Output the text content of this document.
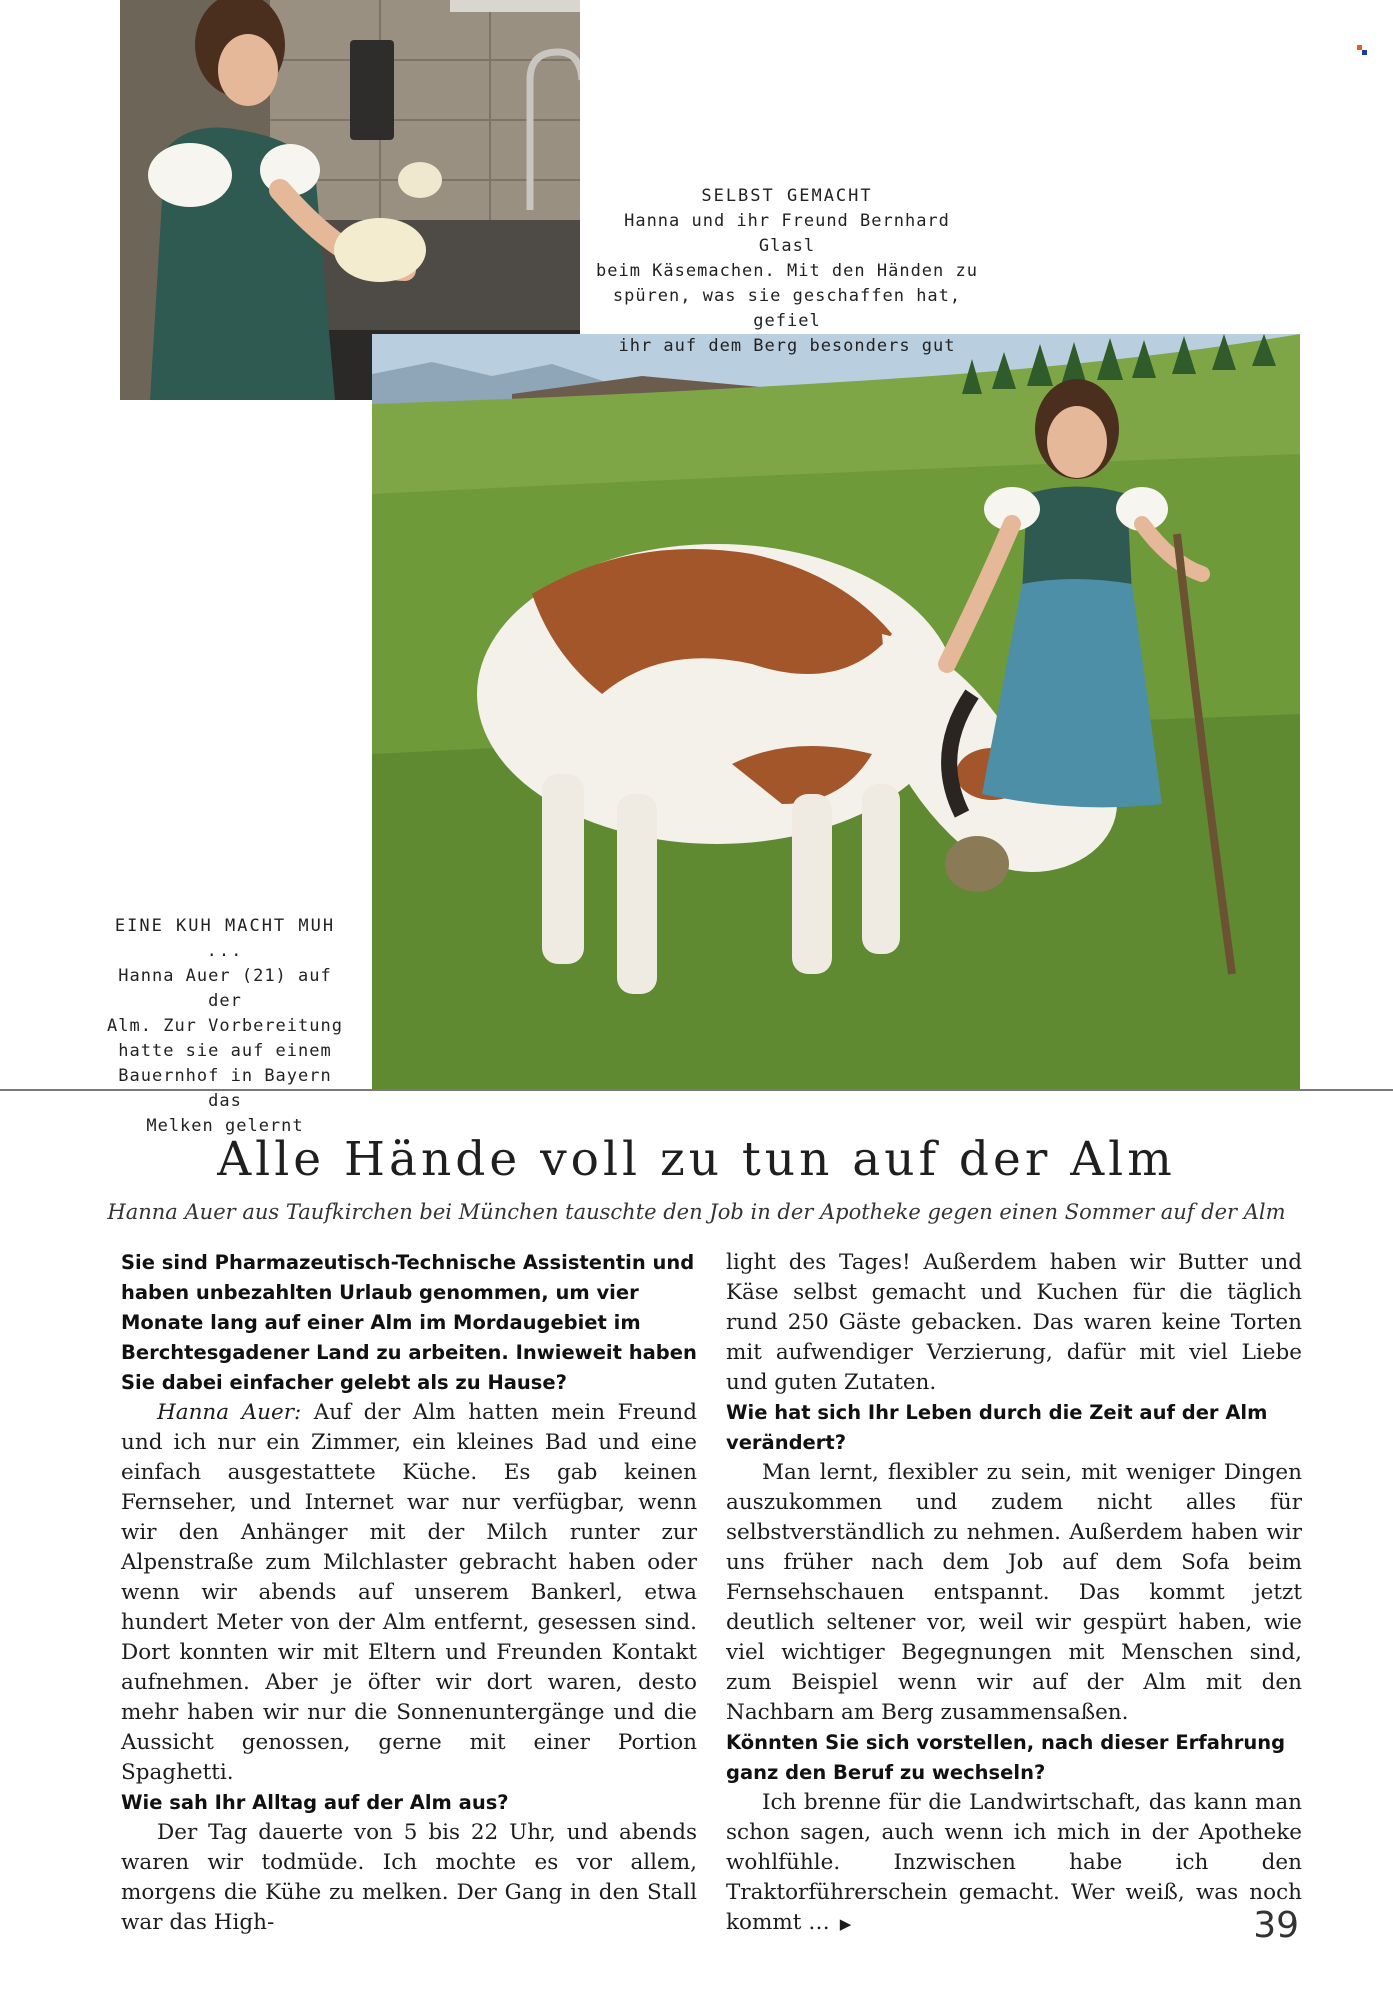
SELBST GEMACHT
Hanna und ihr Freund Bernhard Glasl
beim Käsemachen. Mit den Händen zu
spüren, was sie geschaffen hat, gefiel
ihr auf dem Berg besonders gut
EINE KUH MACHT MUH ...
Hanna Auer (21) auf der
Alm. Zur Vorbereitung
hatte sie auf einem
Bauernhof in Bayern das
Melken gelernt
Alle Hände voll zu tun auf der Alm
Hanna Auer aus Taufkirchen bei München tauschte den Job in der Apotheke gegen einen Sommer auf der Alm

Sie sind Pharmazeutisch-Technische Assistentin und haben unbezahlten Urlaub genommen, um vier Monate lang auf einer Alm im Mordaugebiet im Berchtesgadener Land zu arbeiten. Inwieweit haben Sie dabei einfacher gelebt als zu Hause?

Hanna Auer: Auf der Alm hatten mein Freund und ich nur ein Zimmer, ein kleines Bad und eine einfach ausgestattete Küche. Es gab keinen Fernseher, und Internet war nur verfügbar, wenn wir den Anhänger mit der Milch runter zur Alpenstraße zum Milchlaster gebracht haben oder wenn wir abends auf unserem Bankerl, etwa hundert Meter von der Alm entfernt, gesessen sind. Dort konnten wir mit Eltern und Freunden Kontakt aufnehmen. Aber je öfter wir dort waren, desto mehr haben wir nur die Sonnenuntergänge und die Aussicht genossen, gerne mit einer Portion Spaghetti.

Wie sah Ihr Alltag auf der Alm aus?

Der Tag dauerte von 5 bis 22 Uhr, und abends waren wir todmüde. Ich mochte es vor allem, morgens die Kühe zu melken. Der Gang in den Stall war das High-

light des Tages! Außerdem haben wir Butter und Käse selbst gemacht und Kuchen für die täglich rund 250 Gäste gebacken. Das waren keine Torten mit aufwendiger Verzierung, dafür mit viel Liebe und guten Zutaten.

Wie hat sich Ihr Leben durch die Zeit auf der Alm verändert?

Man lernt, flexibler zu sein, mit weniger Dingen auszukommen und zudem nicht alles für selbstverständlich zu nehmen. Außerdem haben wir uns früher nach dem Job auf dem Sofa beim Fernsehschauen entspannt. Das kommt jetzt deutlich seltener vor, weil wir gespürt haben, wie viel wichtiger Begegnungen mit Menschen sind, zum Beispiel wenn wir auf der Alm mit den Nachbarn am Berg zusammensaßen.

Könnten Sie sich vorstellen, nach dieser Erfahrung ganz den Beruf zu wechseln?

Ich brenne für die Landwirtschaft, das kann man schon sagen, auch wenn ich mich in der Apotheke wohlfühle. Inzwischen habe ich den Traktorführerschein gemacht. Wer weiß, was noch kommt … ▶	39
